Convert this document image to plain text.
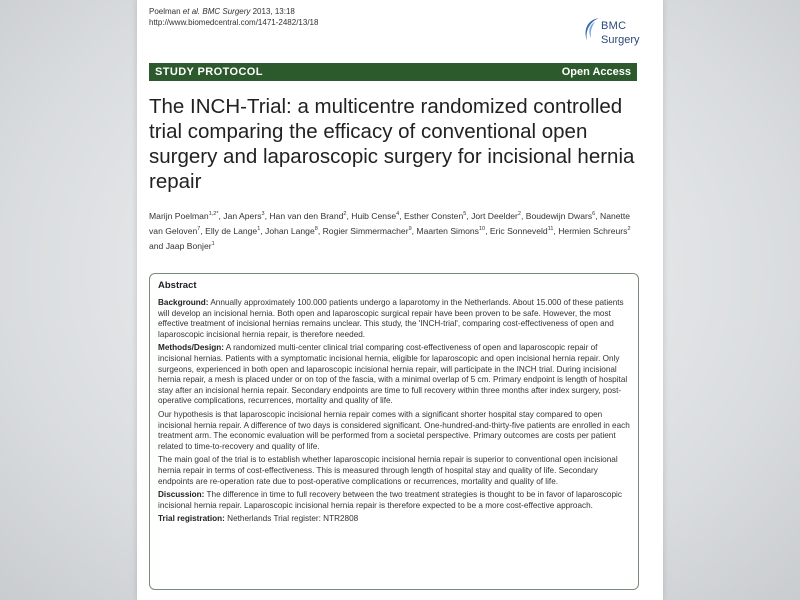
Poelman et al. BMC Surgery 2013, 13:18
http://www.biomedcentral.com/1471-2482/13/18	BMC
Surgery
STUDY PROTOCOL	Open Access
The INCH-Trial: a multicentre randomized controlled trial comparing the efficacy of conventional open surgery and laparoscopic surgery for incisional hernia repair
Marijn Poelman$^{1,2*}$, Jan Apers$^3$, Han van den Brand$^2$, Huib Cense$^4$, Esther Consten$^5$, Jort Deelder$^2$, Boudewijn Dwars$^6$, Nanette van Geloven$^7$, Elly de Lange$^1$, Johan Lange$^8$, Rogier Simmermacher$^9$, Maarten Simons$^{10}$, Eric Sonneveld$^{11}$, Hermien Schreurs$^2$ and Jaap Bonjer$^1$
Abstract

Background: Annually approximately 100.000 patients undergo a laparotomy in the Netherlands. About 15.000 of these patients will develop an incisional hernia. Both open and laparoscopic surgical repair have been proven to be safe. However, the most effective treatment of incisional hernias remains unclear. This study, the 'INCH-trial', comparing cost-effectiveness of open and laparoscopic incisional hernia repair, is therefore needed.

Methods/Design: A randomized multi-center clinical trial comparing cost-effectiveness of open and laparoscopic repair of incisional hernias. Patients with a symptomatic incisional hernia, eligible for laparoscopic and open incisional hernia repair. Only surgeons, experienced in both open and laparoscopic incisional hernia repair, will participate in the INCH trial. During incisional hernia repair, a mesh is placed under or on top of the fascia, with a minimal overlap of 5 cm. Primary endpoint is length of hospital stay after an incisional hernia repair. Secondary endpoints are time to full recovery within three months after index surgery, post-operative complications, recurrences, mortality and quality of life.

Our hypothesis is that laparoscopic incisional hernia repair comes with a significant shorter hospital stay compared to open incisional hernia repair. A difference of two days is considered significant. One-hundred-and-thirty-five patients are enrolled in each treatment arm. The economic evaluation will be performed from a societal perspective. Primary outcomes are costs per patient related to time-to-recovery and quality of life.

The main goal of the trial is to establish whether laparoscopic incisional hernia repair is superior to conventional open incisional hernia repair in terms of cost-effectiveness. This is measured through length of hospital stay and quality of life. Secondary endpoints are re-operation rate due to post-operative complications or recurrences, mortality and quality of life.

Discussion: The difference in time to full recovery between the two treatment strategies is thought to be in favor of laparoscopic incisional hernia repair. Laparoscopic incisional hernia repair is therefore expected to be a more cost-effective approach.

Trial registration: Netherlands Trial register: NTR2808
